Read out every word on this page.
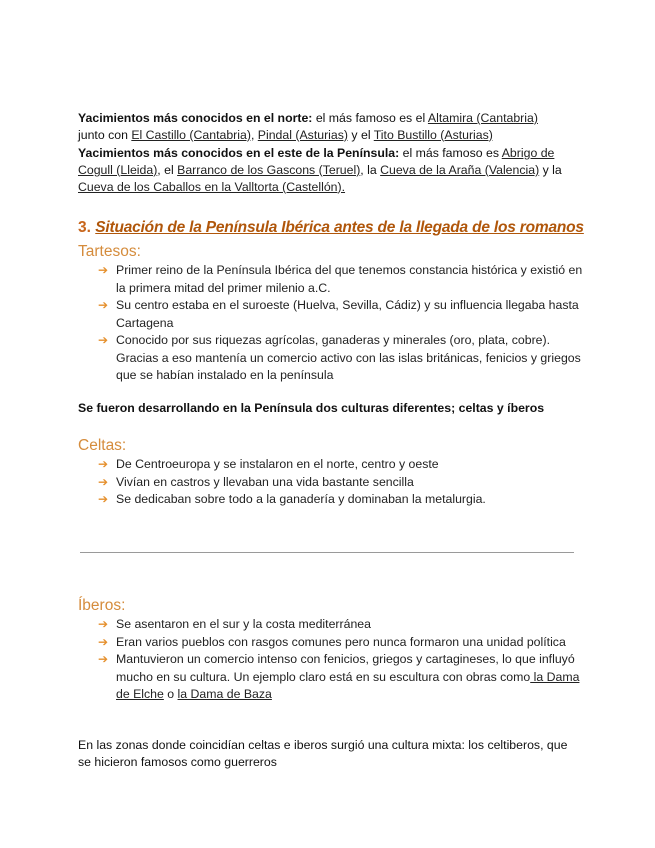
Yacimientos más conocidos en el norte: el más famoso es el Altamira (Cantabria)
junto con El Castillo (Cantabria), Pindal (Asturias) y el Tito Bustillo (Asturias)

Yacimientos más conocidos en el este de la Península: el más famoso es Abrigo de Cogull (Lleida), el Barranco de los Gascons (Teruel), la Cueva de la Araña (Valencia) y la Cueva de los Caballos en la Valltorta (Castellón).

3. Situación de la Península Ibérica antes de la llegada de los romanos
Tartesos:
➔ Primer reino de la Península Ibérica del que tenemos constancia histórica y existió en la primera mitad del primer milenio a.C.
➔ Su centro estaba en el suroeste (Huelva, Sevilla, Cádiz) y su influencia llegaba hasta Cartagena
➔ Conocido por sus riquezas agrícolas, ganaderas y minerales (oro, plata, cobre). Gracias a eso mantenía un comercio activo con las islas británicas, fenicios y griegos que se habían instalado en la península

Se fueron desarrollando en la Península dos culturas diferentes; celtas y íberos

Celtas:
➔ De Centroeuropa y se instalaron en el norte, centro y oeste
➔ Vivían en castros y llevaban una vida bastante sencilla
➔ Se dedicaban sobre todo a la ganadería y dominaban la metalurgia.
Íberos:
➔ Se asentaron en el sur y la costa mediterránea
➔ Eran varios pueblos con rasgos comunes pero nunca formaron una unidad política
➔ Mantuvieron un comercio intenso con fenicios, griegos y cartagineses, lo que influyó mucho en su cultura. Un ejemplo claro está en su escultura con obras como la Dama de Elche o la Dama de Baza

En las zonas donde coincidían celtas e iberos surgió una cultura mixta: los celtiberos, que se hicieron famosos como guerreros
